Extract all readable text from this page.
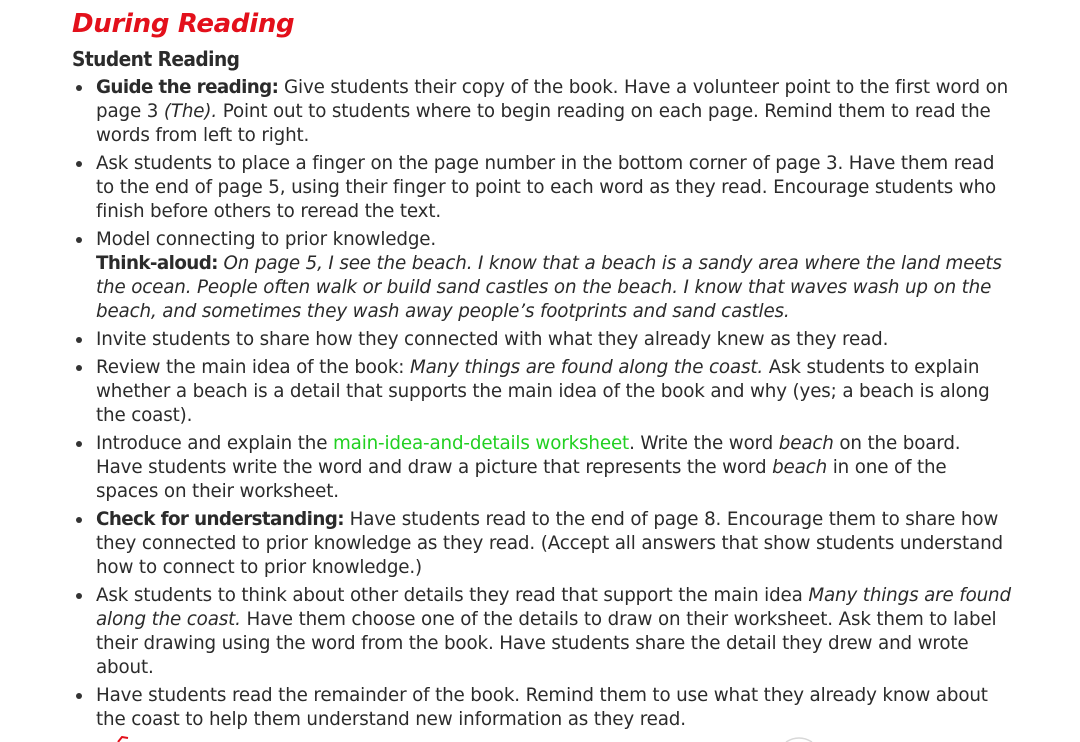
During Reading
Student Reading
Guide the reading: Give students their copy of the book. Have a volunteer point to the first word on page 3 (The). Point out to students where to begin reading on each page. Remind them to read the words from left to right.
Ask students to place a finger on the page number in the bottom corner of page 3. Have them read to the end of page 5, using their finger to point to each word as they read. Encourage students who finish before others to reread the text.
Model connecting to prior knowledge.
Think-aloud: On page 5, I see the beach. I know that a beach is a sandy area where the land meets the ocean. People often walk or build sand castles on the beach. I know that waves wash up on the beach, and sometimes they wash away people’s footprints and sand castles.
Invite students to share how they connected with what they already knew as they read.
Review the main idea of the book: Many things are found along the coast. Ask students to explain whether a beach is a detail that supports the main idea of the book and why (yes; a beach is along the coast).
Introduce and explain the main-idea-and-details worksheet. Write the word beach on the board. Have students write the word and draw a picture that represents the word beach in one of the spaces on their worksheet.
Check for understanding: Have students read to the end of page 8. Encourage them to share how they connected to prior knowledge as they read. (Accept all answers that show students understand how to connect to prior knowledge.)
Ask students to think about other details they read that support the main idea Many things are found along the coast. Have them choose one of the details to draw on their worksheet. Ask them to label their drawing using the word from the book. Have students share the detail they drew and wrote about.
Have students read the remainder of the book. Remind them to use what they already know about the coast to help them understand new information as they read.
